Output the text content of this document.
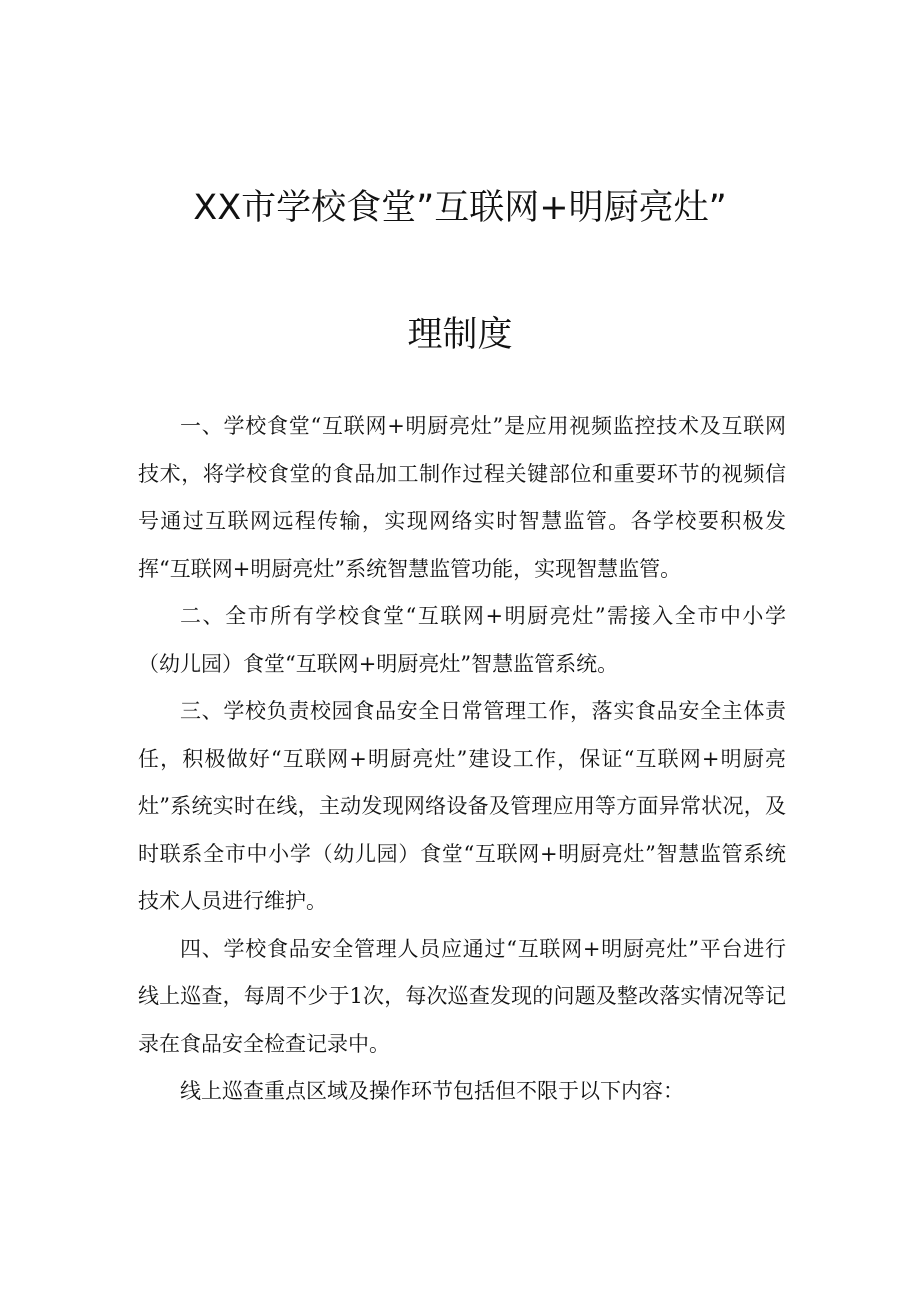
XX市学校食堂”互联网+明厨亮灶”
理制度

一、学校食堂“互联网+明厨亮灶”是应用视频监控技术及互联网技术，将学校食堂的食品加工制作过程关键部位和重要环节的视频信号通过互联网远程传输，实现网络实时智慧监管。各学校要积极发挥“互联网+明厨亮灶”系统智慧监管功能，实现智慧监管。

二、全市所有学校食堂“互联网+明厨亮灶”需接入全市中小学（幼儿园）食堂“互联网+明厨亮灶”智慧监管系统。

三、学校负责校园食品安全日常管理工作，落实食品安全主体责任，积极做好“互联网+明厨亮灶”建设工作，保证“互联网+明厨亮灶”系统实时在线，主动发现网络设备及管理应用等方面异常状况，及时联系全市中小学（幼儿园）食堂“互联网+明厨亮灶”智慧监管系统技术人员进行维护。

四、学校食品安全管理人员应通过“互联网+明厨亮灶”平台进行线上巡查，每周不少于1次，每次巡查发现的问题及整改落实情况等记录在食品安全检查记录中。

线上巡查重点区域及操作环节包括但不限于以下内容：
